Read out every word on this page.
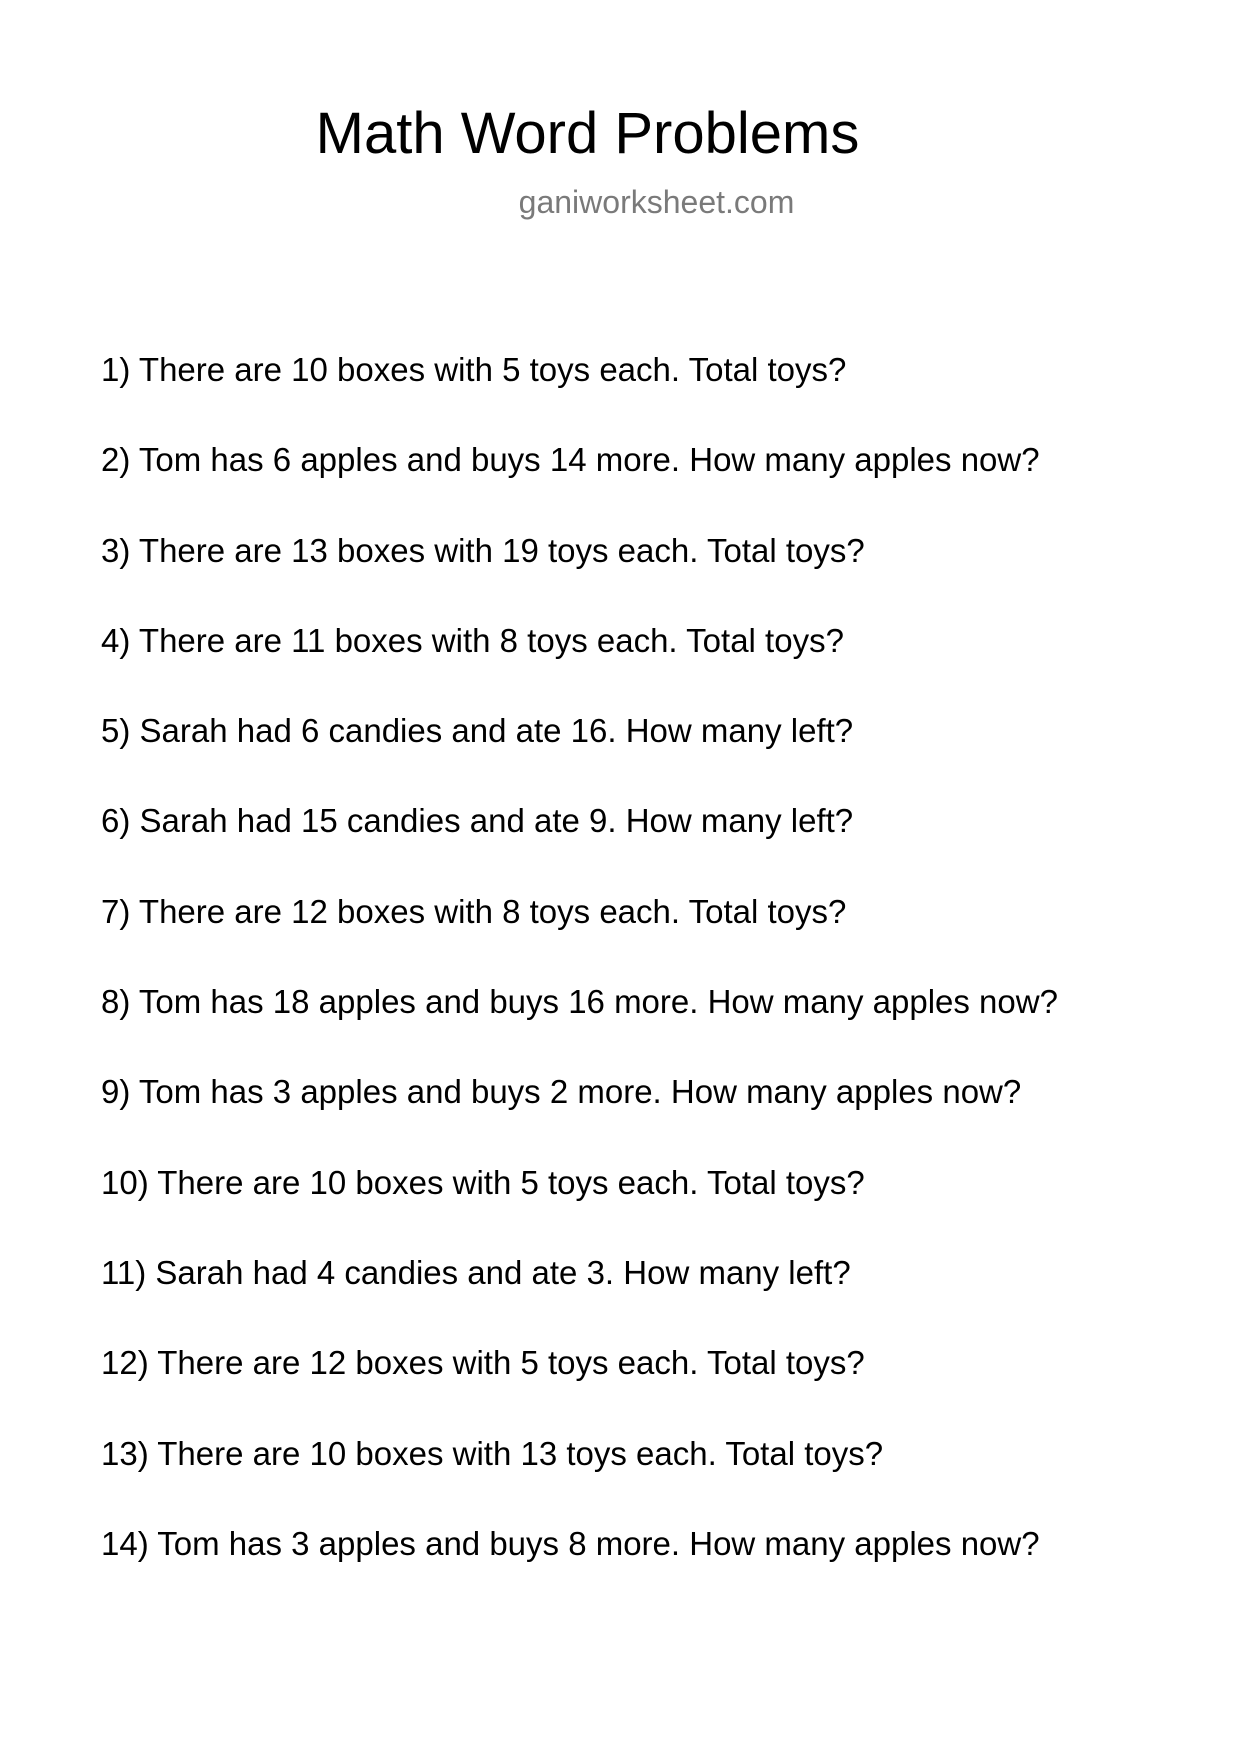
Math Word Problems
ganiworksheet.com
1) There are 10 boxes with 5 toys each. Total toys?
2) Tom has 6 apples and buys 14 more. How many apples now?
3) There are 13 boxes with 19 toys each. Total toys?
4) There are 11 boxes with 8 toys each. Total toys?
5) Sarah had 6 candies and ate 16. How many left?
6) Sarah had 15 candies and ate 9. How many left?
7) There are 12 boxes with 8 toys each. Total toys?
8) Tom has 18 apples and buys 16 more. How many apples now?
9) Tom has 3 apples and buys 2 more. How many apples now?
10) There are 10 boxes with 5 toys each. Total toys?
11) Sarah had 4 candies and ate 3. How many left?
12) There are 12 boxes with 5 toys each. Total toys?
13) There are 10 boxes with 13 toys each. Total toys?
14) Tom has 3 apples and buys 8 more. How many apples now?
